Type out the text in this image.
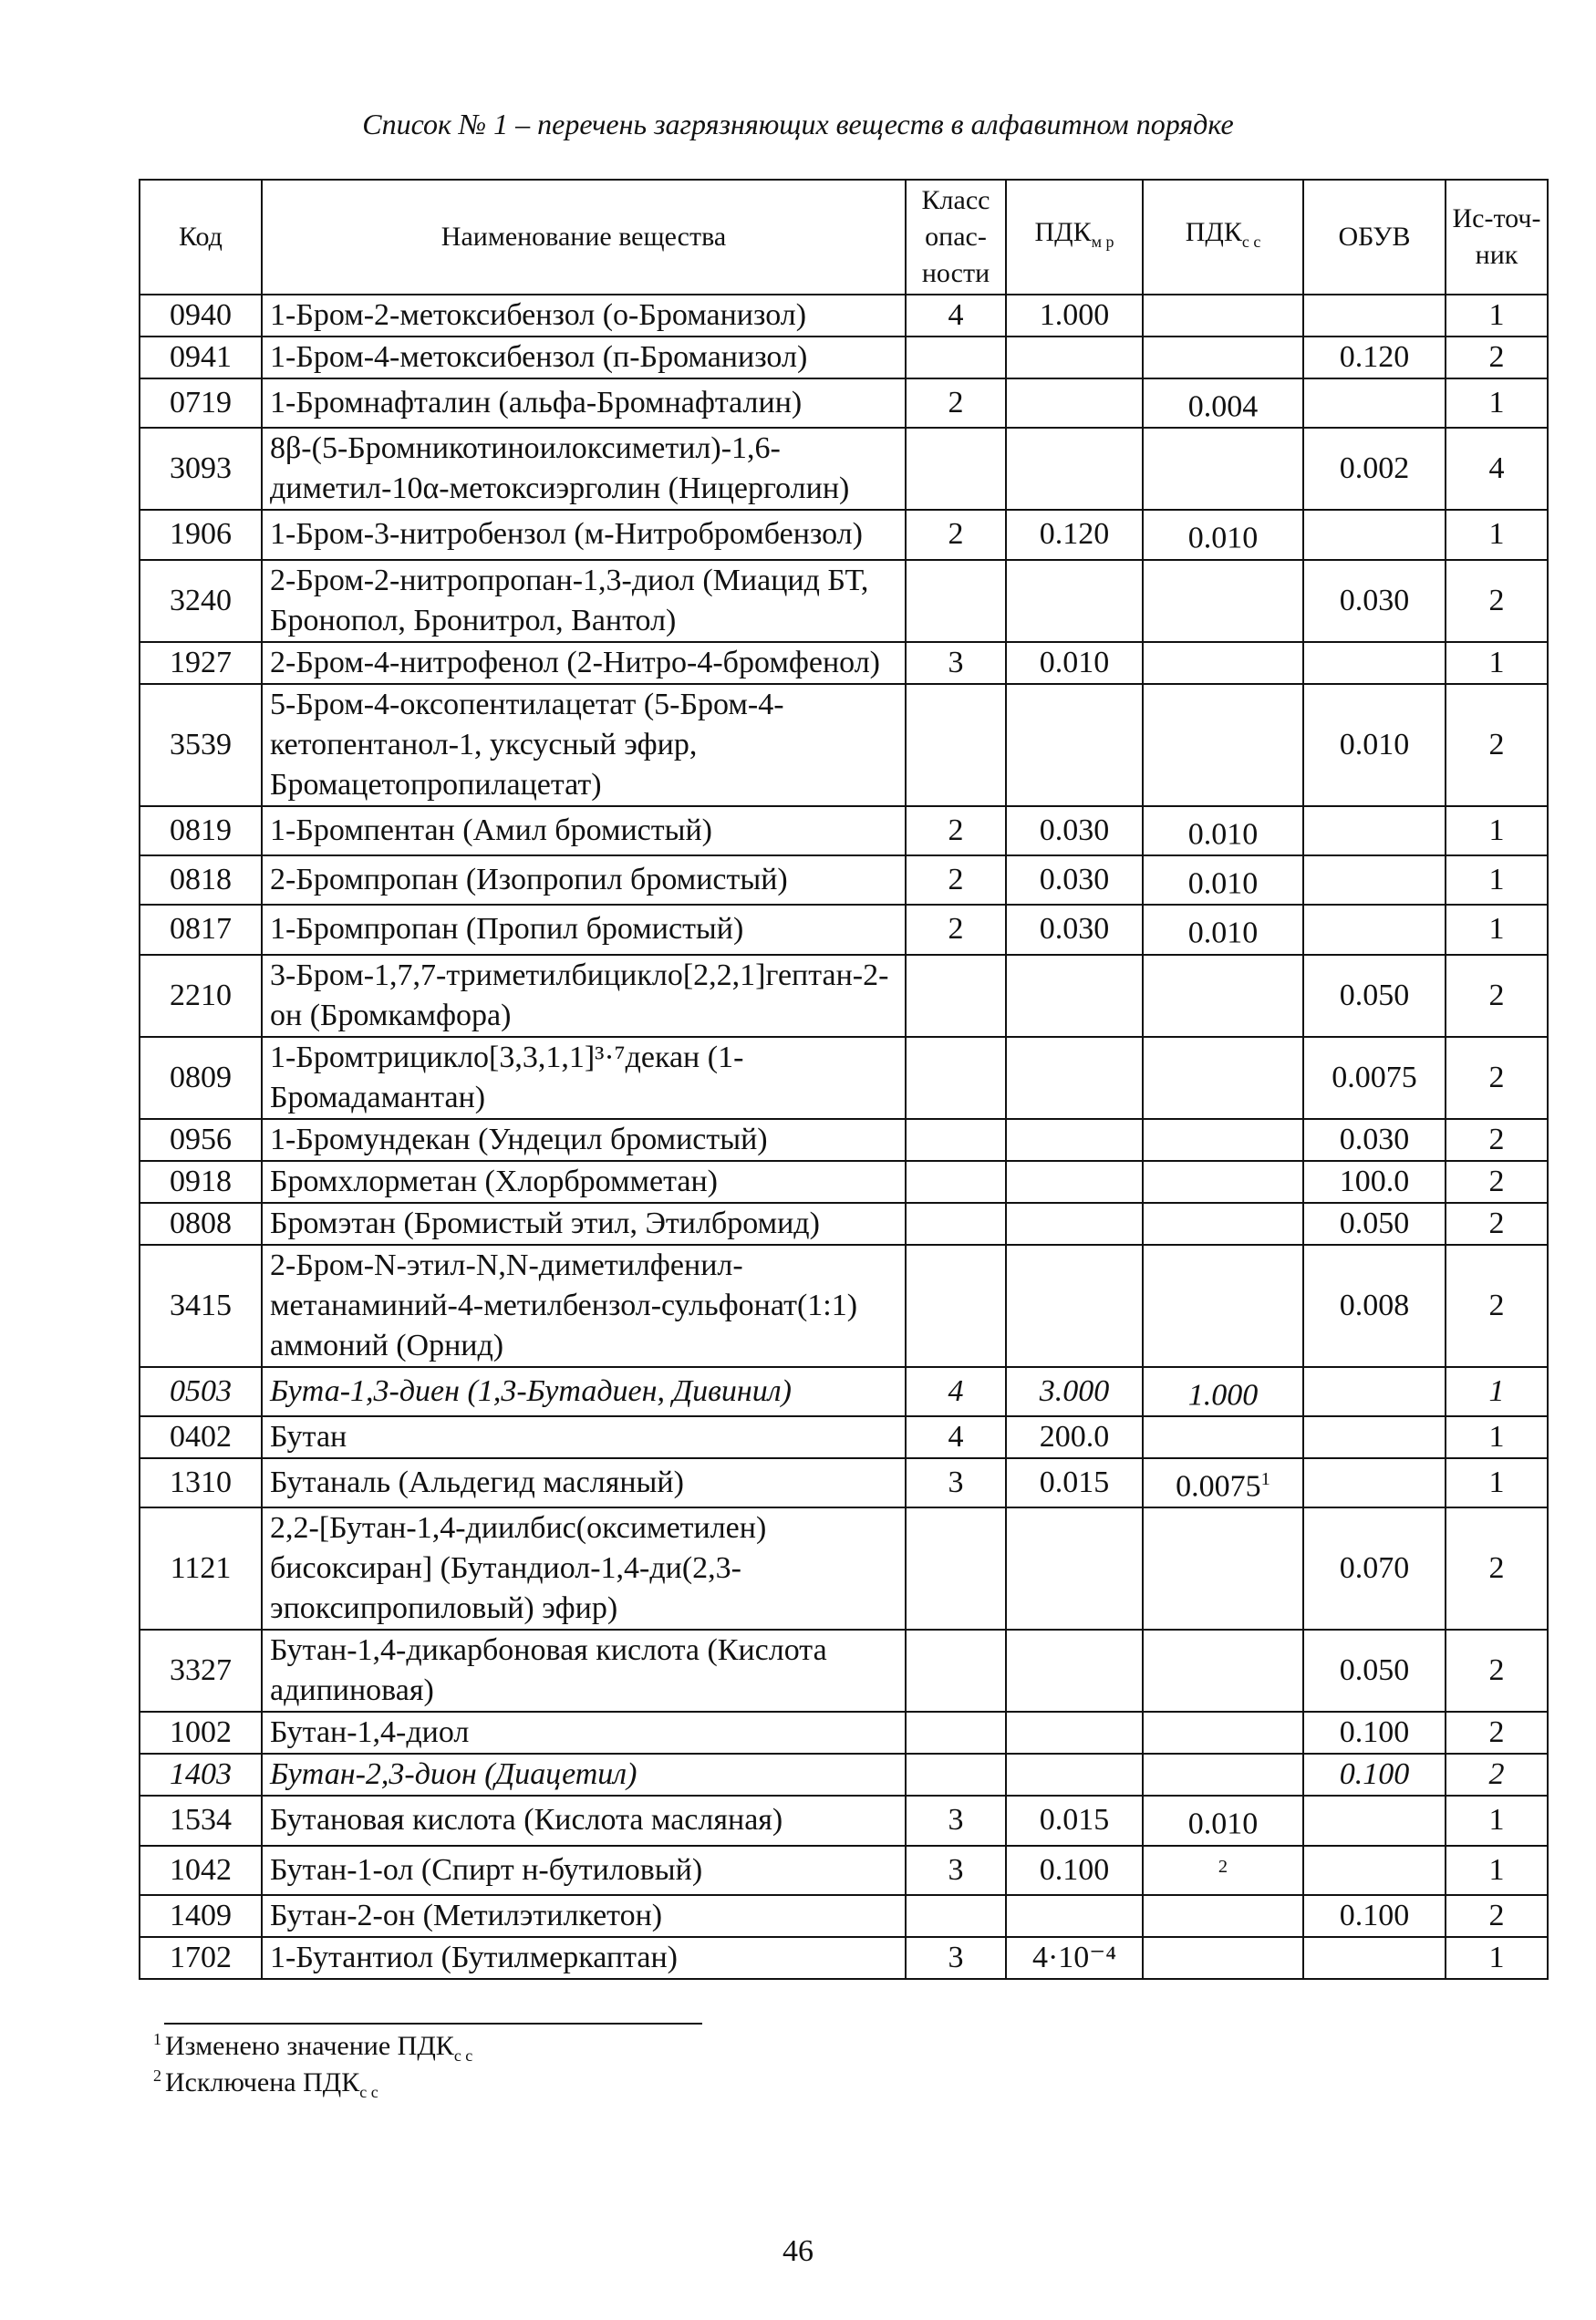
Список № 1 – перечень загрязняющих веществ в алфавитном порядке
Код	Наименование вещества	Класс опас-ности	$ПДК_{м р}$	$ПДК_{с с}$	ОБУВ	Ис-точ-ник
0940	1-Бром-2-метоксибензол (о-Броманизол)	4	1.000			1
0941	1-Бром-4-метоксибензол (п-Броманизол)				0.120	2
0719	1-Бромнафталин (альфа-Бромнафталин)	2		0.004		1
3093	8β-(5-Бромникотиноилоксиметил)-1,6-диметил-10α-метоксиэрголин (Ницерголин)				0.002	4
1906	1-Бром-3-нитробензол (м-Нитробромбензол)	2	0.120	0.010		1
3240	2-Бром-2-нитропропан-1,3-диол (Миацид БТ, Бронопол, Бронитрол, Вантол)				0.030	2
1927	2-Бром-4-нитрофенол (2-Нитро-4-бромфенол)	3	0.010			1
3539	5-Бром-4-оксопентилацетат (5-Бром-4-кетопентанол-1, уксусный эфир, Бромацетопропилацетат)				0.010	2
0819	1-Бромпентан (Амил бромистый)	2	0.030	0.010		1
0818	2-Бромпропан (Изопропил бромистый)	2	0.030	0.010		1
0817	1-Бромпропан (Пропил бромистый)	2	0.030	0.010		1
2210	3-Бром-1,7,7-триметилбицикло[2,2,1]гептан-2-он (Бромкамфора)				0.050	2
0809	1-Бромтрицикло[3,3,1,1]³·⁷декан (1-Бромадамантан)				0.0075	2
0956	1-Бромундекан (Ундецил бромистый)				0.030	2
0918	Бромхлорметан (Хлорбромметан)				100.0	2
0808	Бромэтан (Бромистый этил, Этилбромид)				0.050	2
3415	2-Бром-N-этил-N,N-диметилфенил-метанаминий-4-метилбензол-сульфонат(1:1) аммоний (Орнид)				0.008	2
0503	Бута-1,3-диен (1,3-Бутадиен, Дивинил)	4	3.000	1.000		1
0402	Бутан	4	200.0			1
1310	Бутаналь (Альдегид масляный)	3	0.015	0.0075$^1$		1
1121	2,2-[Бутан-1,4-диилбис(оксиметилен) бисоксиран] (Бутандиол-1,4-ди(2,3-эпоксипропиловый) эфир)				0.070	2
3327	Бутан-1,4-дикарбоновая кислота (Кислота адипиновая)				0.050	2
1002	Бутан-1,4-диол				0.100	2
1403	Бутан-2,3-дион (Диацетил)				0.100	2
1534	Бутановая кислота (Кислота масляная)	3	0.015	0.010		1
1042	Бутан-1-ол (Спирт н-бутиловый)	3	0.100	$^2$		1
1409	Бутан-2-он (Метилэтилкетон)				0.100	2
1702	1-Бутантиол (Бутилмеркаптан)	3	4·10⁻⁴			1
$^1$ Изменено значение $ПДК_{с с}$
$^2$ Исключена $ПДК_{с с}$
46
